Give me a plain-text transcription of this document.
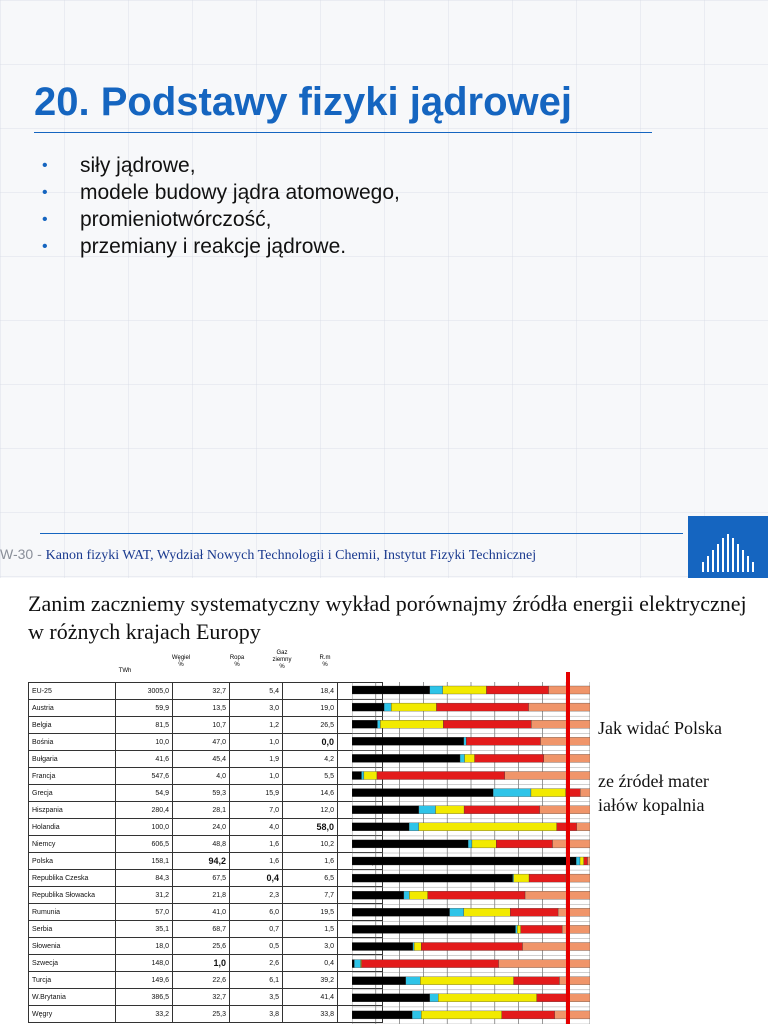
20. Podstawy fizyki jądrowej
• siły jądrowe,
• modele budowy jądra atomowego,
• promieniotwórczość,
• przemiany i reakcje jądrowe.
W-30 - Kanon fizyki WAT, Wydział Nowych Technologii i Chemii, Instytut Fizyki Technicznej
Zanim zaczniemy systematyczny wykład porównajmy źródła energii elektrycznej w różnych krajach Europy
TWh
Węgiel
%
Ropa
%
Gaz
ziemny
%
R.m
%
EU-25	3005,0	32,7	5,4	18,4	
Austria	59,9	13,5	3,0	19,0	
Belgia	81,5	10,7	1,2	26,5	
Bośnia	10,0	47,0	1,0	0,0	
Bułgaria	41,6	45,4	1,9	4,2	
Francja	547,6	4,0	1,0	5,5	
Grecja	54,9	59,3	15,9	14,6	
Hiszpania	280,4	28,1	7,0	12,0	
Holandia	100,0	24,0	4,0	58,0	
Niemcy	606,5	48,8	1,6	10,2	
Polska	158,1	94,2	1,6	1,6	
Republika Czeska	84,3	67,5	0,4	6,5	
Republika Słowacka	31,2	21,8	2,3	7,7	
Rumunia	57,0	41,0	6,0	19,5	
Serbia	35,1	68,7	0,7	1,5	
Słowenia	18,0	25,6	0,5	3,0	
Szwecja	148,0	1,0	2,6	0,4	
Turcja	149,6	22,6	6,1	39,2	
W.Brytania	386,5	32,7	3,5	41,4	
Węgry	33,2	25,3	3,8	33,8	
Jak widać Polska
ze źródeł mater
iałów kopalnia
